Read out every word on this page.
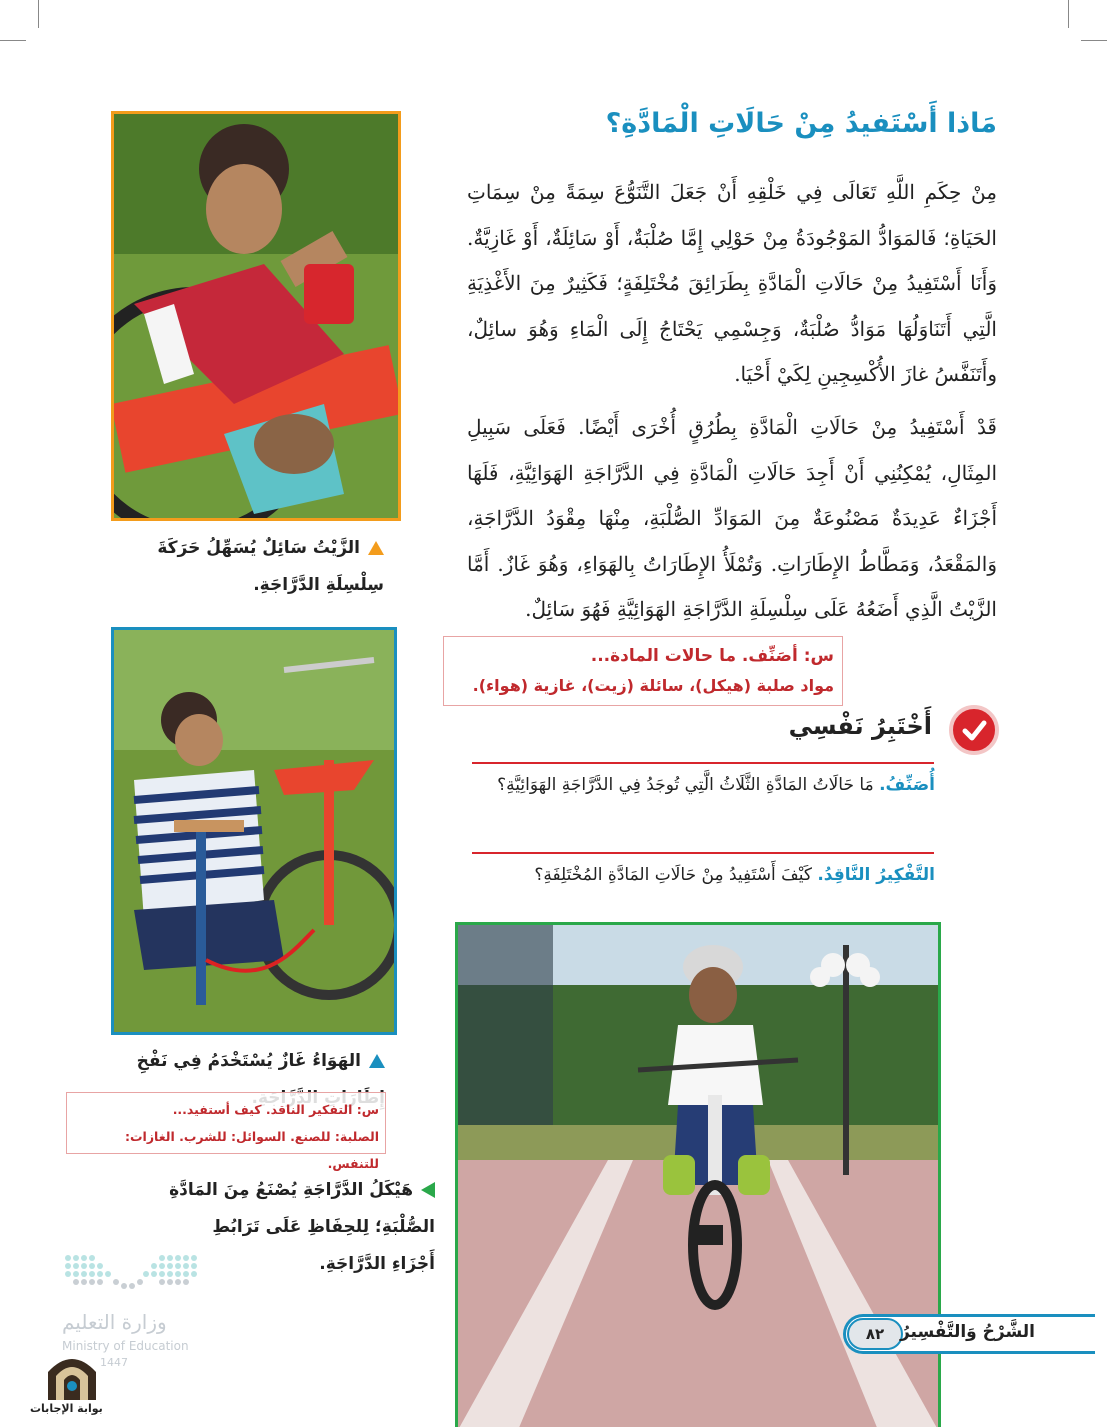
مَاذا أَسْتَفيدُ مِنْ حَالَاتِ الْمَادَّةِ؟
مِنْ حِكَمِ اللَّهِ تَعَالَى فِي خَلْقِهِ أَنْ جَعَلَ التَّنَوُّعَ سِمَةً مِنْ سِمَاتِ الحَيَاةِ؛ فَالمَوَادُّ المَوْجُودَةُ مِنْ حَوْلِي إِمَّا صُلْبَةٌ، أَوْ سَائِلَةٌ، أَوْ غَازِيَّةٌ. وَأَنَا أَسْتَفِيدُ مِنْ حَالَاتِ الْمَادَّةِ بِطَرَائِقَ مُخْتَلِفَةٍ؛ فَكَثِيرٌ مِنَ الأَغْذِيَةِ الَّتِي أَتَنَاوَلُهَا مَوَادُّ صُلْبَةٌ، وَجِسْمِي يَحْتَاجُ إِلَى الْمَاءِ وَهُوَ سائِلٌ، وأَتَنَفَّسُ غازَ الأُكْسِجِينِ لِكَيْ أَحْيَا.
قَدْ أَسْتَفِيدُ مِنْ حَالَاتِ الْمَادَّةِ بِطُرُقٍ أُخْرَى أَيْضًا. فَعَلَى سَبِيلِ المِثَالِ، يُمْكِنُنِي أَنْ أَجِدَ حَالَاتِ الْمَادَّةِ فِي الدَّرَّاجَةِ الهَوَائِيَّةِ، فَلَهَا أَجْزَاءٌ عَدِيدَةٌ مَصْنُوعَةٌ مِنَ المَوَادِّ الصُّلْبَةِ، مِنْهَا مِقْوَدُ الدَّرَّاجَةِ، وَالمَقْعَدُ، وَمَطَّاطُ الإِطَارَاتِ. وَتُمْلَأُ الإِطَارَاتُ بِالهَوَاءِ، وَهُوَ غَازٌ. أَمَّا الزَّيْتُ الَّذِي أَضَعُهُ عَلَى سِلْسِلَةِ الدَّرَّاجَةِ الهَوَائِيَّةِ فَهُوَ سَائِلٌ.
س: أصَنِّف. ما حالات المادة...
مواد صلبة (هيكل)، سائلة (زيت)، غازية (هواء).
أَخْتَبِرُ نَفْسِي
أُصَنِّفُ. مَا حَالَاتُ المَادَّةِ الثَّلَاثُ الَّتِي تُوجَدُ فِي الدَّرَّاجَةِ الهَوَائِيَّةِ؟
التَّفْكِيرُ النَّاقِدُ. كَيْفَ أَسْتَفِيدُ مِنْ حَالَاتِ المَادَّةِ المُخْتَلِفَةِ؟
الزَّيْتُ سَائِلٌ يُسَهِّلُ حَرَكَةَ سِلْسِلَةِ الدَّرَّاجَةِ.
الهَوَاءُ غَازٌ يُسْتَخْدَمُ فِي نَفْخِ
س: التفكير الناقد. كيف أستفيد...
الصلبة: للصنع. السوائل: للشرب. الغازات: للتنفس.
هَيْكَلُ الدَّرَّاجَةِ يُصْنَعُ مِنَ المَادَّةِ الصُّلْبَةِ؛ لِلحِفَاظِ عَلَى تَرَابُطِ أَجْزَاءِ الدَّرَّاجَةِ.
٨٢ الشَّرْحُ وَالتَّفْسِيرُ
وزارة التعليم
Ministry of Education
1447
بوابة الإجابات
